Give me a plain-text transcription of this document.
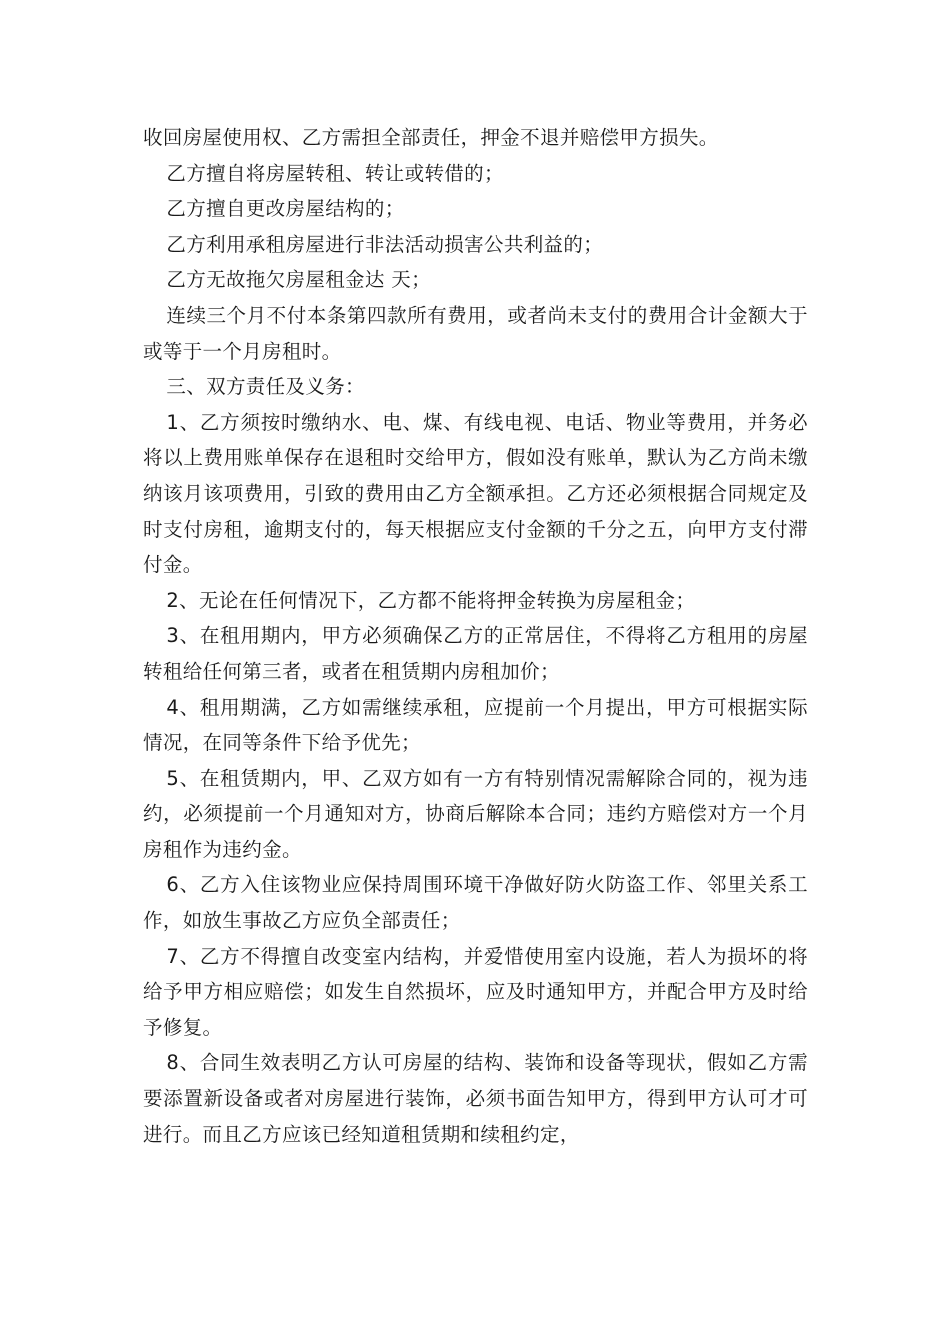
收回房屋使用权、乙方需担全部责任，押金不退并赔偿甲方损失。

乙方擅自将房屋转租、转让或转借的；

乙方擅自更改房屋结构的；

乙方利用承租房屋进行非法活动损害公共利益的；

乙方无故拖欠房屋租金达 天；

连续三个月不付本条第四款所有费用，或者尚未支付的费用合计金额大于或等于一个月房租时。

三、双方责任及义务：

1、乙方须按时缴纳水、电、煤、有线电视、电话、物业等费用，并务必将以上费用账单保存在退租时交给甲方，假如没有账单，默认为乙方尚未缴纳该月该项费用，引致的费用由乙方全额承担。乙方还必须根据合同规定及时支付房租，逾期支付的，每天根据应支付金额的千分之五，向甲方支付滞付金。

2、无论在任何情况下，乙方都不能将押金转换为房屋租金；

3、在租用期内，甲方必须确保乙方的正常居住，不得将乙方租用的房屋转租给任何第三者，或者在租赁期内房租加价；

4、租用期满，乙方如需继续承租，应提前一个月提出，甲方可根据实际情况，在同等条件下给予优先；

5、在租赁期内，甲、乙双方如有一方有特别情况需解除合同的，视为违约，必须提前一个月通知对方，协商后解除本合同；违约方赔偿对方一个月房租作为违约金。

6、乙方入住该物业应保持周围环境干净做好防火防盗工作、邻里关系工作，如放生事故乙方应负全部责任；

7、乙方不得擅自改变室内结构，并爱惜使用室内设施，若人为损坏的将给予甲方相应赔偿；如发生自然损坏，应及时通知甲方，并配合甲方及时给予修复。

8、合同生效表明乙方认可房屋的结构、装饰和设备等现状，假如乙方需要添置新设备或者对房屋进行装饰，必须书面告知甲方，得到甲方认可才可进行。而且乙方应该已经知道租赁期和续租约定，
